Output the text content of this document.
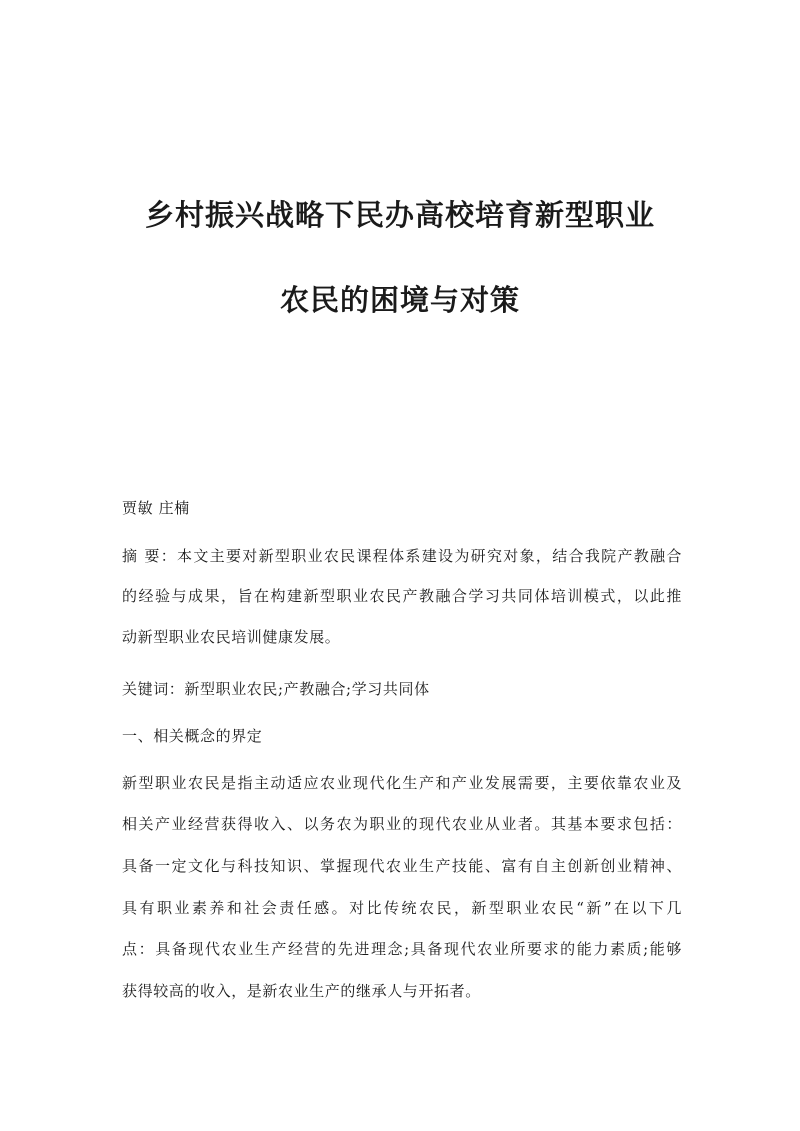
乡村振兴战略下民办高校培育新型职业
农民的困境与对策
贾敏 庄楠
摘 要：本文主要对新型职业农民课程体系建设为研究对象，结合我院产教融合
的经验与成果，旨在构建新型职业农民产教融合学习共同体培训模式，以此推
动新型职业农民培训健康发展。
关键词：新型职业农民;产教融合;学习共同体
一、相关概念的界定
新型职业农民是指主动适应农业现代化生产和产业发展需要，主要依靠农业及
相关产业经营获得收入、以务农为职业的现代农业从业者。其基本要求包括：
具备一定文化与科技知识、掌握现代农业生产技能、富有自主创新创业精神、
具有职业素养和社会责任感。对比传统农民，新型职业农民“新”在以下几
点：具备现代农业生产经营的先进理念;具备现代农业所要求的能力素质;能够
获得较高的收入，是新农业生产的继承人与开拓者。
